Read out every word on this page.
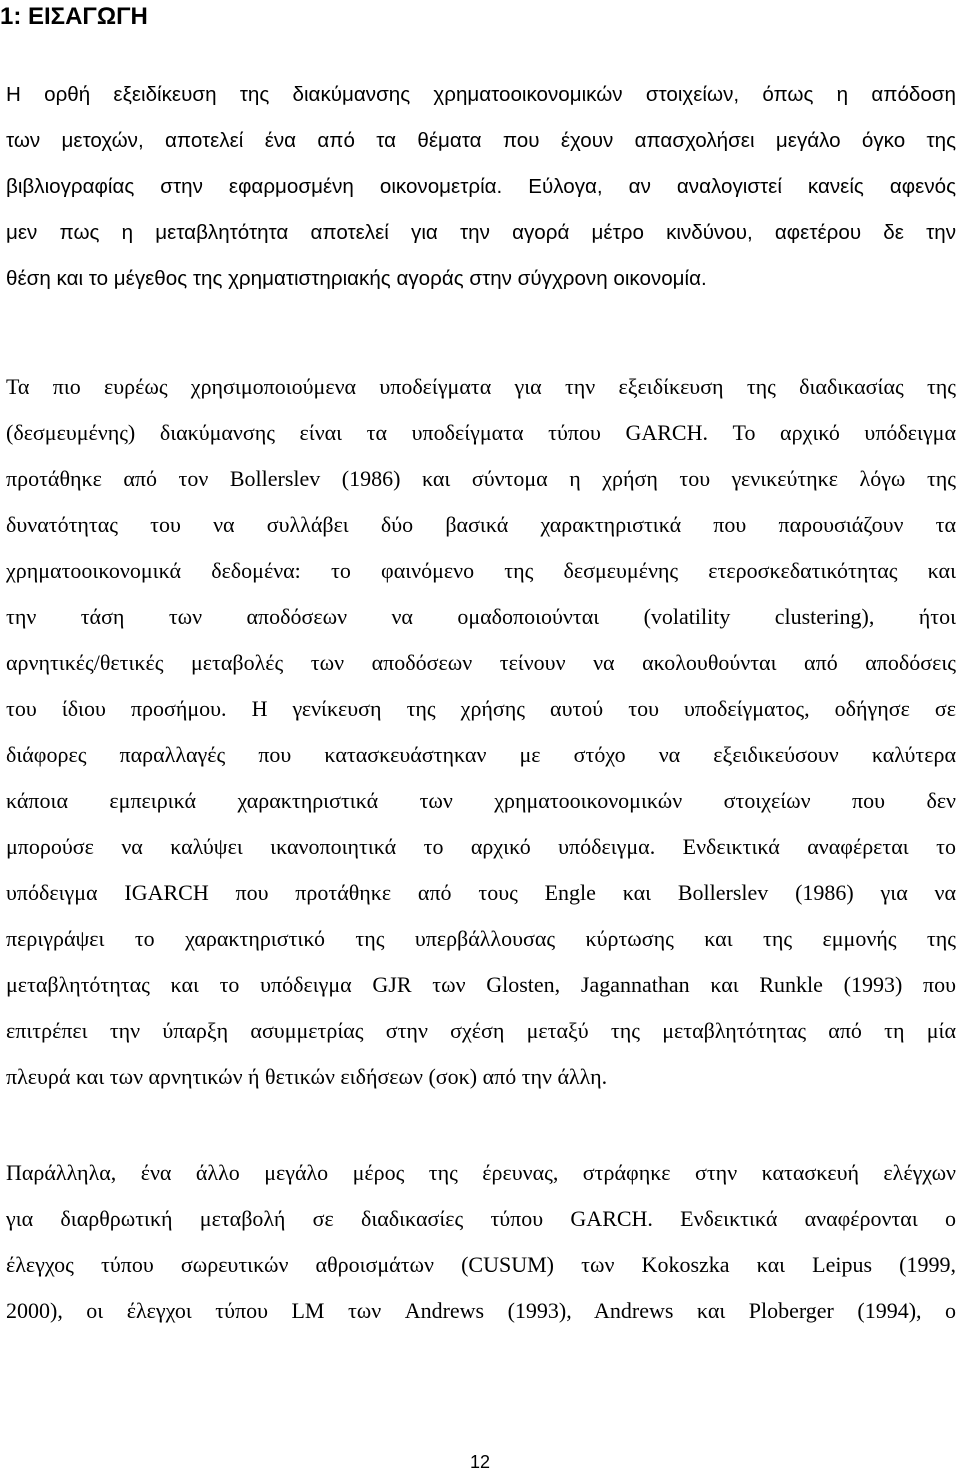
1: ΕΙΣΑΓΩΓΗ
Η ορθή εξειδίκευση της διακύμανσης χρηματοοικονομικών στοιχείων, όπως η απόδοση
των μετοχών, αποτελεί ένα από τα θέματα που έχουν απασχολήσει μεγάλο όγκο της
βιβλιογραφίας στην εφαρμοσμένη οικονομετρία. Εύλογα, αν αναλογιστεί κανείς αφενός
μεν πως η μεταβλητότητα αποτελεί για την αγορά μέτρο κινδύνου, αφετέρου δε την
θέση και το μέγεθος της χρηματιστηριακής αγοράς στην σύγχρονη οικονομία.
Τα πιο ευρέως χρησιμοποιούμενα υποδείγματα για την εξειδίκευση της διαδικασίας της
(δεσμευμένης) διακύμανσης είναι τα υποδείγματα τύπου GARCH. Το αρχικό υπόδειγμα
προτάθηκε από τον Bollerslev (1986) και σύντομα η χρήση του γενικεύτηκε λόγω της
δυνατότητας του να συλλάβει δύο βασικά χαρακτηριστικά που παρουσιάζουν τα
χρηματοοικονομικά δεδομένα: το φαινόμενο της δεσμευμένης ετεροσκεδατικότητας και
την τάση των αποδόσεων να ομαδοποιούνται (volatility clustering), ήτοι
αρνητικές/θετικές μεταβολές των αποδόσεων τείνουν να ακολουθούνται από αποδόσεις
του ίδιου προσήμου. Η γενίκευση της χρήσης αυτού του υποδείγματος, οδήγησε σε
διάφορες παραλλαγές που κατασκευάστηκαν με στόχο να εξειδικεύσουν καλύτερα
κάποια εμπειρικά χαρακτηριστικά των χρηματοοικονομικών στοιχείων που δεν
μπορούσε να καλύψει ικανοποιητικά το αρχικό υπόδειγμα. Ενδεικτικά αναφέρεται το
υπόδειγμα IGARCH που προτάθηκε από τους Engle και Bollerslev (1986) για να
περιγράψει το χαρακτηριστικό της υπερβάλλουσας κύρτωσης και της εμμονής της
μεταβλητότητας και το υπόδειγμα GJR των Glosten, Jagannathan και Runkle (1993) που
επιτρέπει την ύπαρξη ασυμμετρίας στην σχέση μεταξύ της μεταβλητότητας από τη μία
πλευρά και των αρνητικών ή θετικών ειδήσεων (σοκ) από την άλλη.
Παράλληλα, ένα άλλο μεγάλο μέρος της έρευνας, στράφηκε στην κατασκευή ελέγχων
για διαρθρωτική μεταβολή σε διαδικασίες τύπου GARCH. Ενδεικτικά αναφέρονται ο
έλεγχος τύπου σωρευτικών αθροισμάτων (CUSUM) των Kokoszka και Leipus (1999,
2000), οι έλεγχοι τύπου LM των Andrews (1993), Andrews και Ploberger (1994), ο
12
